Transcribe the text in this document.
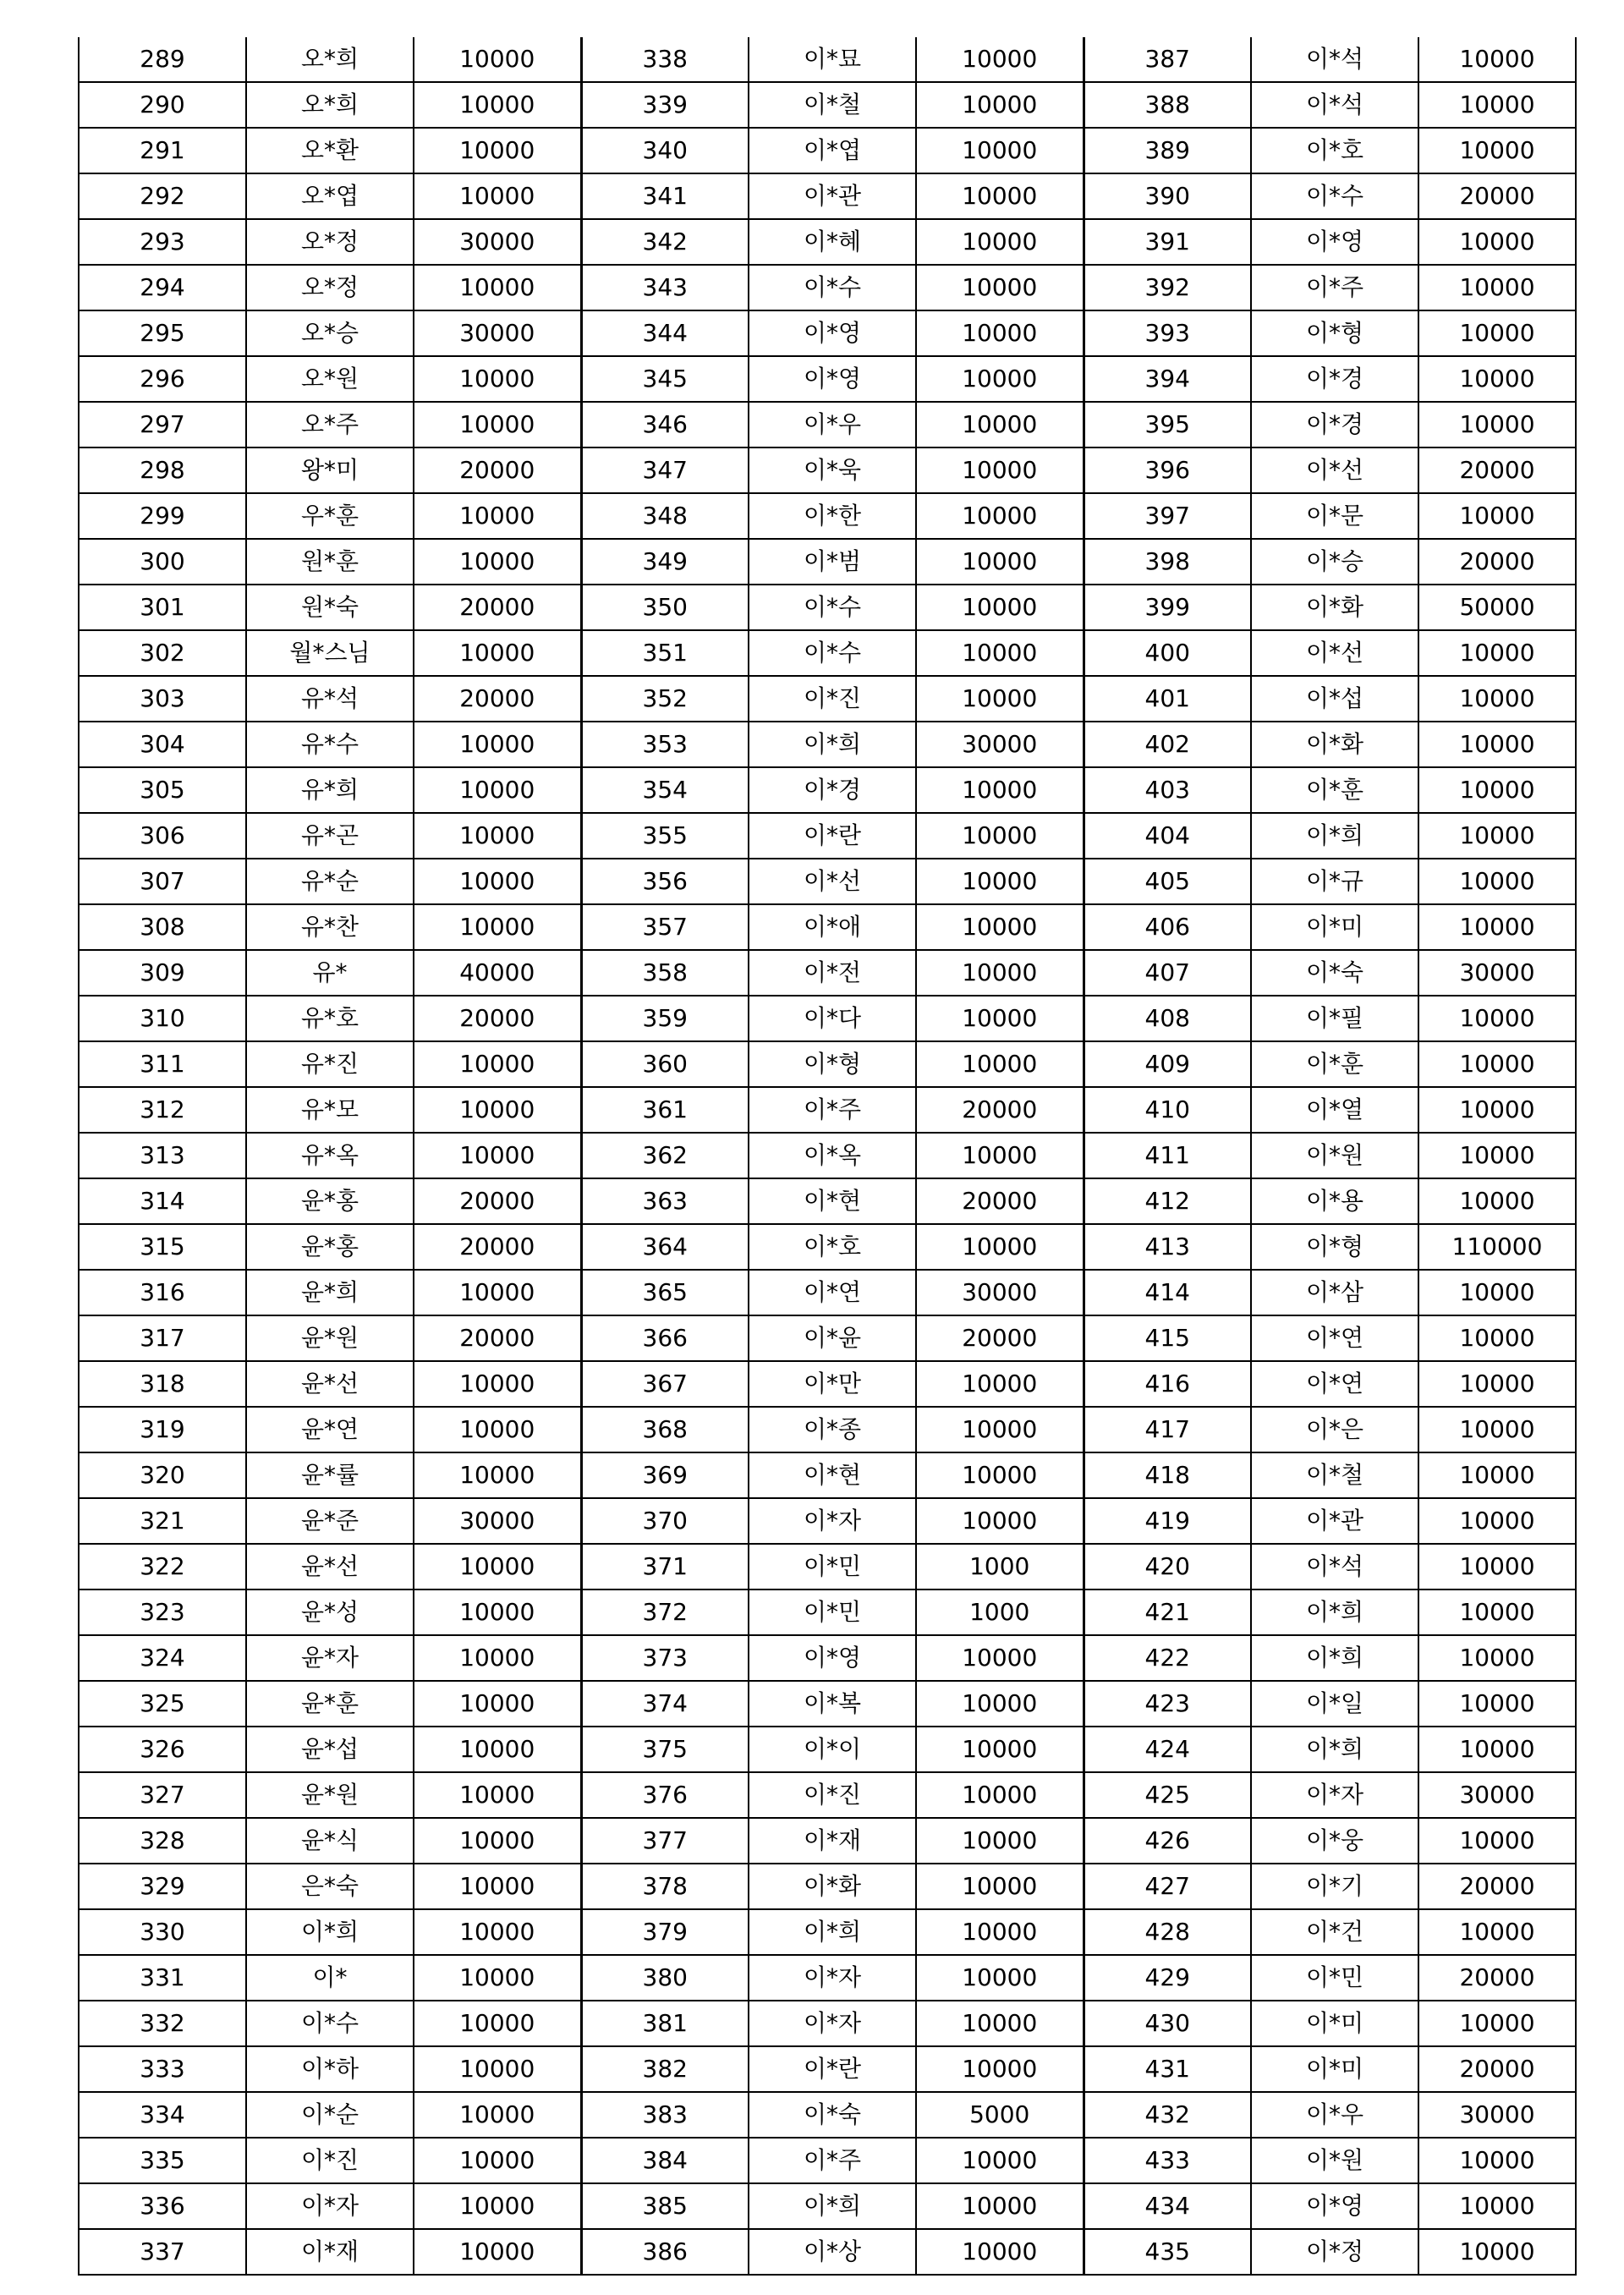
289	오*희	10000	338	이*묘	10000	387	이*석	10000
290	오*희	10000	339	이*철	10000	388	이*석	10000
291	오*환	10000	340	이*엽	10000	389	이*호	10000
292	오*엽	10000	341	이*관	10000	390	이*수	20000
293	오*정	30000	342	이*혜	10000	391	이*영	10000
294	오*정	10000	343	이*수	10000	392	이*주	10000
295	오*승	30000	344	이*영	10000	393	이*형	10000
296	오*원	10000	345	이*영	10000	394	이*경	10000
297	오*주	10000	346	이*우	10000	395	이*경	10000
298	왕*미	20000	347	이*욱	10000	396	이*선	20000
299	우*훈	10000	348	이*한	10000	397	이*문	10000
300	원*훈	10000	349	이*범	10000	398	이*승	20000
301	원*숙	20000	350	이*수	10000	399	이*화	50000
302	월*스님	10000	351	이*수	10000	400	이*선	10000
303	유*석	20000	352	이*진	10000	401	이*섭	10000
304	유*수	10000	353	이*희	30000	402	이*화	10000
305	유*희	10000	354	이*경	10000	403	이*훈	10000
306	유*곤	10000	355	이*란	10000	404	이*희	10000
307	유*순	10000	356	이*선	10000	405	이*규	10000
308	유*찬	10000	357	이*애	10000	406	이*미	10000
309	유*	40000	358	이*전	10000	407	이*숙	30000
310	유*호	20000	359	이*다	10000	408	이*필	10000
311	유*진	10000	360	이*형	10000	409	이*훈	10000
312	유*모	10000	361	이*주	20000	410	이*열	10000
313	유*옥	10000	362	이*옥	10000	411	이*원	10000
314	윤*홍	20000	363	이*현	20000	412	이*용	10000
315	윤*홍	20000	364	이*호	10000	413	이*형	110000
316	윤*희	10000	365	이*연	30000	414	이*삼	10000
317	윤*원	20000	366	이*윤	20000	415	이*연	10000
318	윤*선	10000	367	이*만	10000	416	이*연	10000
319	윤*연	10000	368	이*종	10000	417	이*은	10000
320	윤*률	10000	369	이*현	10000	418	이*철	10000
321	윤*준	30000	370	이*자	10000	419	이*관	10000
322	윤*선	10000	371	이*민	1000	420	이*석	10000
323	윤*성	10000	372	이*민	1000	421	이*희	10000
324	윤*자	10000	373	이*영	10000	422	이*희	10000
325	윤*훈	10000	374	이*복	10000	423	이*일	10000
326	윤*섭	10000	375	이*이	10000	424	이*희	10000
327	윤*원	10000	376	이*진	10000	425	이*자	30000
328	윤*식	10000	377	이*재	10000	426	이*웅	10000
329	은*숙	10000	378	이*화	10000	427	이*기	20000
330	이*희	10000	379	이*희	10000	428	이*건	10000
331	이*	10000	380	이*자	10000	429	이*민	20000
332	이*수	10000	381	이*자	10000	430	이*미	10000
333	이*하	10000	382	이*란	10000	431	이*미	20000
334	이*순	10000	383	이*숙	5000	432	이*우	30000
335	이*진	10000	384	이*주	10000	433	이*원	10000
336	이*자	10000	385	이*희	10000	434	이*영	10000
337	이*재	10000	386	이*상	10000	435	이*정	10000
